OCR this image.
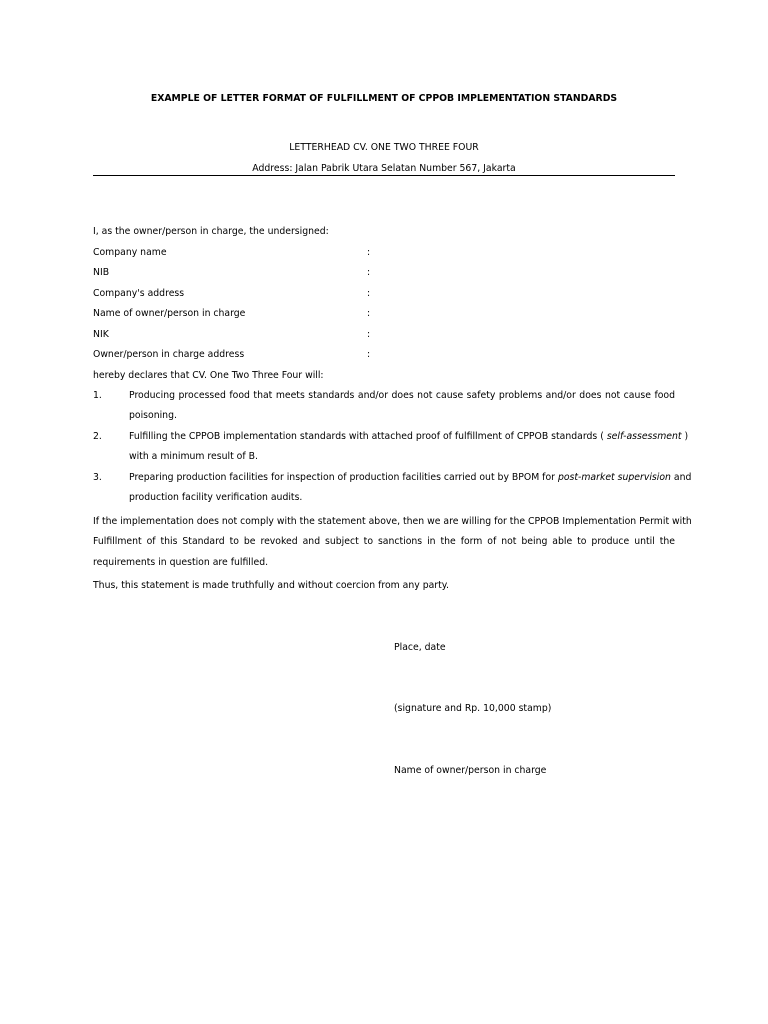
EXAMPLE OF LETTER FORMAT OF FULFILLMENT OF CPPOB IMPLEMENTATION STANDARDS
LETTERHEAD CV. ONE TWO THREE FOUR
Address: Jalan Pabrik Utara Selatan Number 567, Jakarta
I, as the owner/person in charge, the undersigned:
Company name	:
NIB	:
Company's address	:
Name of owner/person in charge	:
NIK	:
Owner/person in charge address	:
hereby declares that CV. One Two Three Four will:
1.	Producing processed food that meets standards and/or does not cause safety problems and/or does not cause food
poisoning.
2.	Fulfilling the CPPOB implementation standards with attached proof of fulfillment of CPPOB standards ( self-assessment )
with a minimum result of B.
3.	Preparing production facilities for inspection of production facilities carried out by BPOM for post-market supervision and
production facility verification audits.
If the implementation does not comply with the statement above, then we are willing for the CPPOB Implementation Permit with
Fulfillment of this Standard to be revoked and subject to sanctions in the form of not being able to produce until the
requirements in question are fulfilled.
Thus, this statement is made truthfully and without coercion from any party.
Place, date
(signature and Rp. 10,000 stamp)
Name of owner/person in charge
